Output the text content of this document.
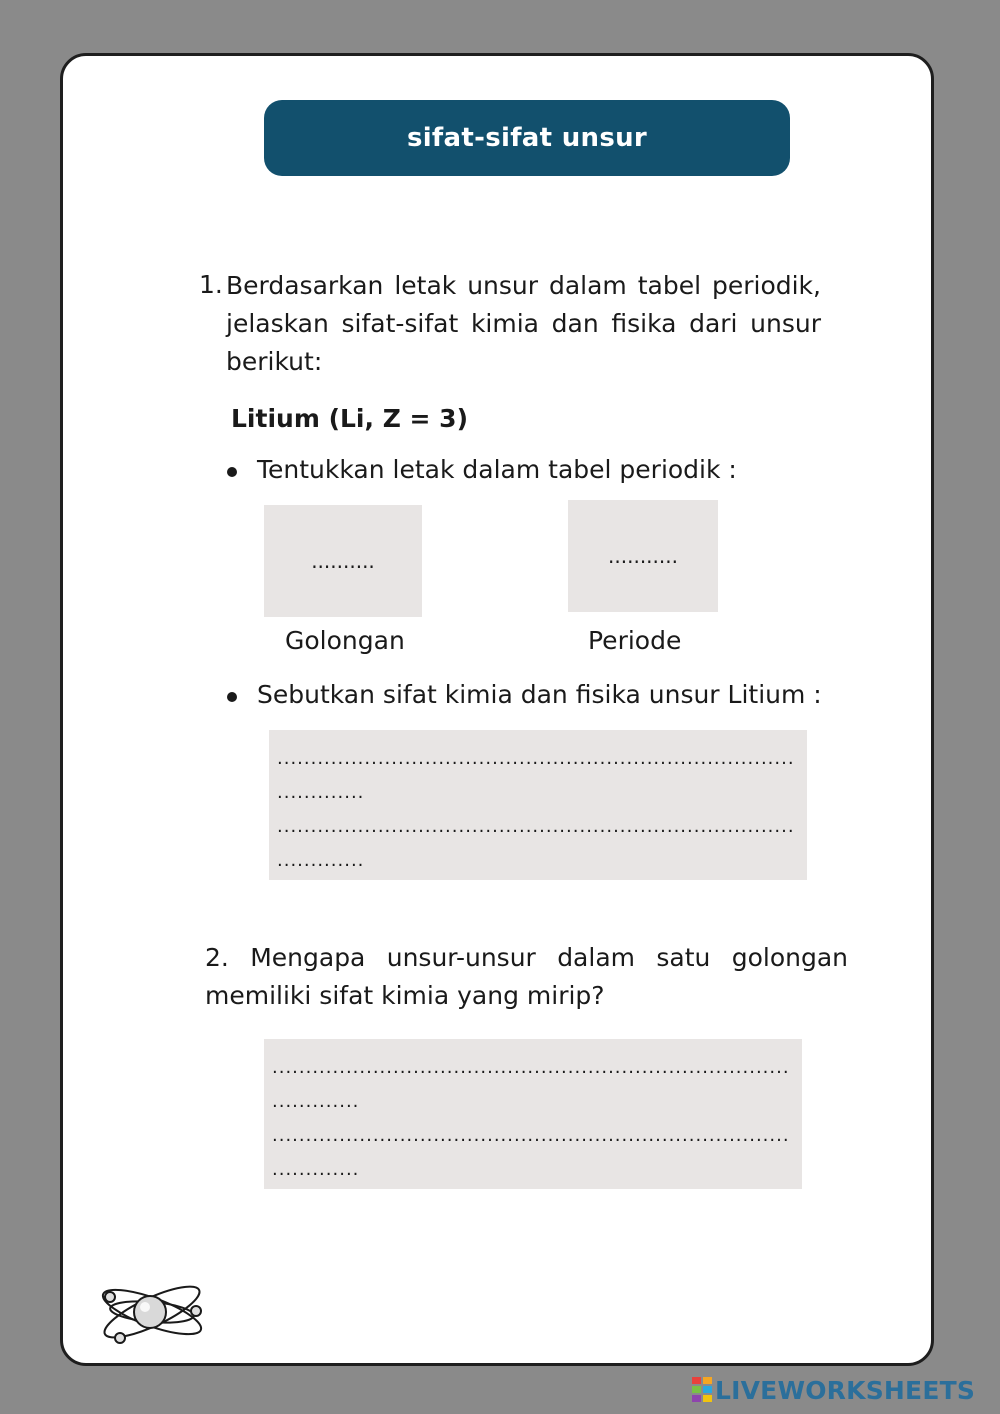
sifat-sifat unsur
1. Berdasarkan letak unsur dalam tabel periodik, jelaskan sifat-sifat kimia dan fisika dari unsur berikut:
Litium (Li, Z = 3)
Tentukkan letak dalam tabel periodik :
..........
...........
Golongan	Periode
Sebutkan sifat kimia dan fisika unsur Litium :
.......................................................................................... .......................................................................................... .......................................................................................... ..........................................................................................
2. Mengapa unsur-unsur dalam satu golongan memiliki sifat kimia yang mirip?
.......................................................................................... .......................................................................................... .......................................................................................... ..........................................................................................
LIVEWORKSHEETS
